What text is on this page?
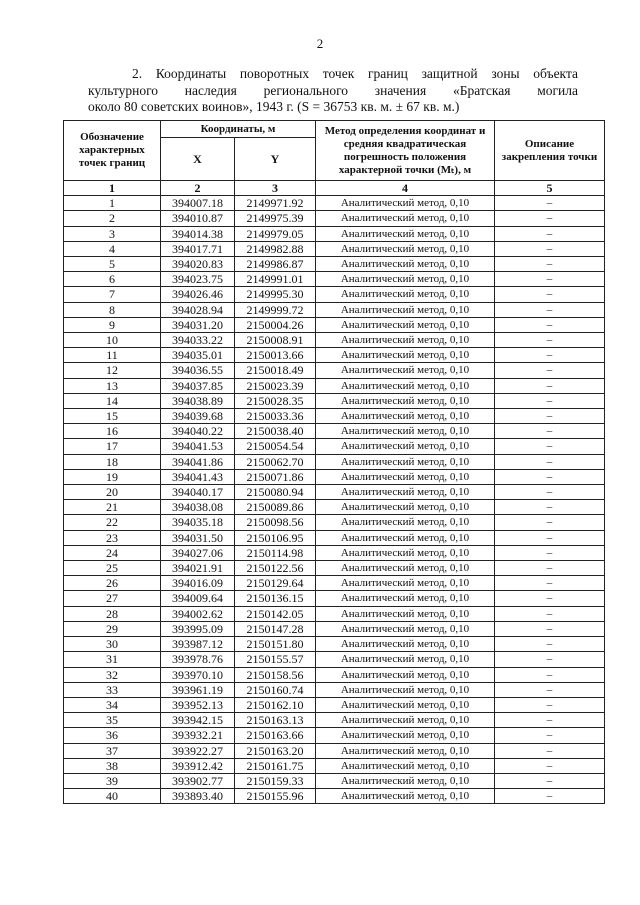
2
2. Координаты поворотных точек границ защитной зоны объекта
культурного наследия регионального значения «Братская могила
около 80 советских воинов», 1943 г. (S = 36753 кв. м. ± 67 кв. м.)
Обозначение характерных точек границ	Координаты, м		Метод определения координат и средняя квадратическая погрешность положения характерной точки (Mₜ), м	Описание закрепления точки
	X	Y		
1	2	3	4	5
1	394007.18	2149971.92	Аналитический метод, 0,10	–
2	394010.87	2149975.39	Аналитический метод, 0,10	–
3	394014.38	2149979.05	Аналитический метод, 0,10	–
4	394017.71	2149982.88	Аналитический метод, 0,10	–
5	394020.83	2149986.87	Аналитический метод, 0,10	–
6	394023.75	2149991.01	Аналитический метод, 0,10	–
7	394026.46	2149995.30	Аналитический метод, 0,10	–
8	394028.94	2149999.72	Аналитический метод, 0,10	–
9	394031.20	2150004.26	Аналитический метод, 0,10	–
10	394033.22	2150008.91	Аналитический метод, 0,10	–
11	394035.01	2150013.66	Аналитический метод, 0,10	–
12	394036.55	2150018.49	Аналитический метод, 0,10	–
13	394037.85	2150023.39	Аналитический метод, 0,10	–
14	394038.89	2150028.35	Аналитический метод, 0,10	–
15	394039.68	2150033.36	Аналитический метод, 0,10	–
16	394040.22	2150038.40	Аналитический метод, 0,10	–
17	394041.53	2150054.54	Аналитический метод, 0,10	–
18	394041.86	2150062.70	Аналитический метод, 0,10	–
19	394041.43	2150071.86	Аналитический метод, 0,10	–
20	394040.17	2150080.94	Аналитический метод, 0,10	–
21	394038.08	2150089.86	Аналитический метод, 0,10	–
22	394035.18	2150098.56	Аналитический метод, 0,10	–
23	394031.50	2150106.95	Аналитический метод, 0,10	–
24	394027.06	2150114.98	Аналитический метод, 0,10	–
25	394021.91	2150122.56	Аналитический метод, 0,10	–
26	394016.09	2150129.64	Аналитический метод, 0,10	–
27	394009.64	2150136.15	Аналитический метод, 0,10	–
28	394002.62	2150142.05	Аналитический метод, 0,10	–
29	393995.09	2150147.28	Аналитический метод, 0,10	–
30	393987.12	2150151.80	Аналитический метод, 0,10	–
31	393978.76	2150155.57	Аналитический метод, 0,10	–
32	393970.10	2150158.56	Аналитический метод, 0,10	–
33	393961.19	2150160.74	Аналитический метод, 0,10	–
34	393952.13	2150162.10	Аналитический метод, 0,10	–
35	393942.15	2150163.13	Аналитический метод, 0,10	–
36	393932.21	2150163.66	Аналитический метод, 0,10	–
37	393922.27	2150163.20	Аналитический метод, 0,10	–
38	393912.42	2150161.75	Аналитический метод, 0,10	–
39	393902.77	2150159.33	Аналитический метод, 0,10	–
40	393893.40	2150155.96	Аналитический метод, 0,10	–
